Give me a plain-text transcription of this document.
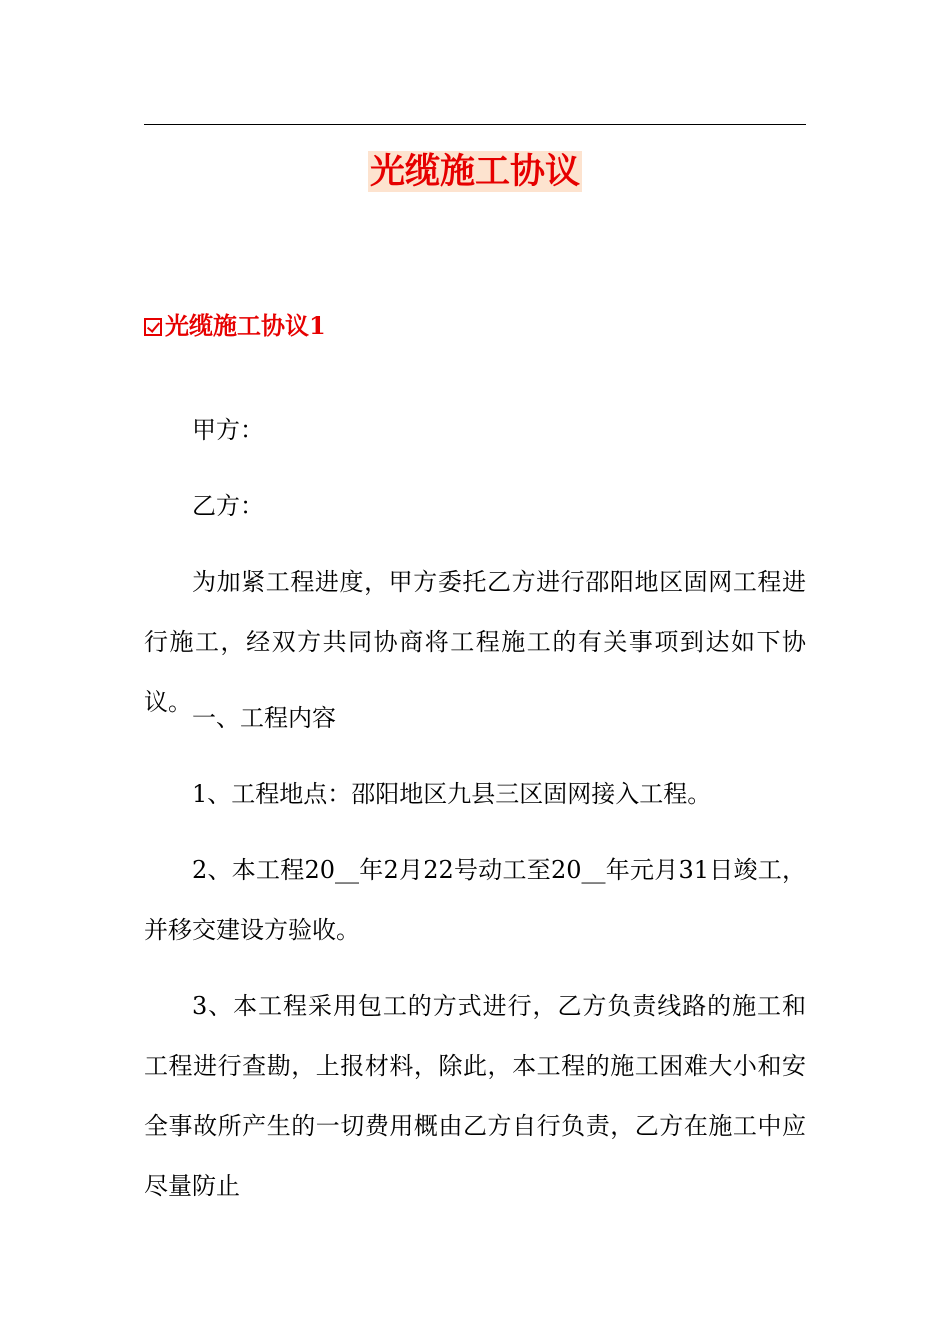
光缆施工协议
光缆施工协议1
甲方：
乙方：
为加紧工程进度，甲方委托乙方进行邵阳地区固网工程进行施工，经双方共同协商将工程施工的有关事项到达如下协议。
一、工程内容
1、工程地点：邵阳地区九县三区固网接入工程。
2、本工程20__年2月22号动工至20__年元月31日竣工，并移交建设方验收。
3、本工程采用包工的方式进行，乙方负责线路的施工和工程进行查勘，上报材料，除此，本工程的施工困难大小和安全事故所产生的一切费用概由乙方自行负责，乙方在施工中应尽量防止
